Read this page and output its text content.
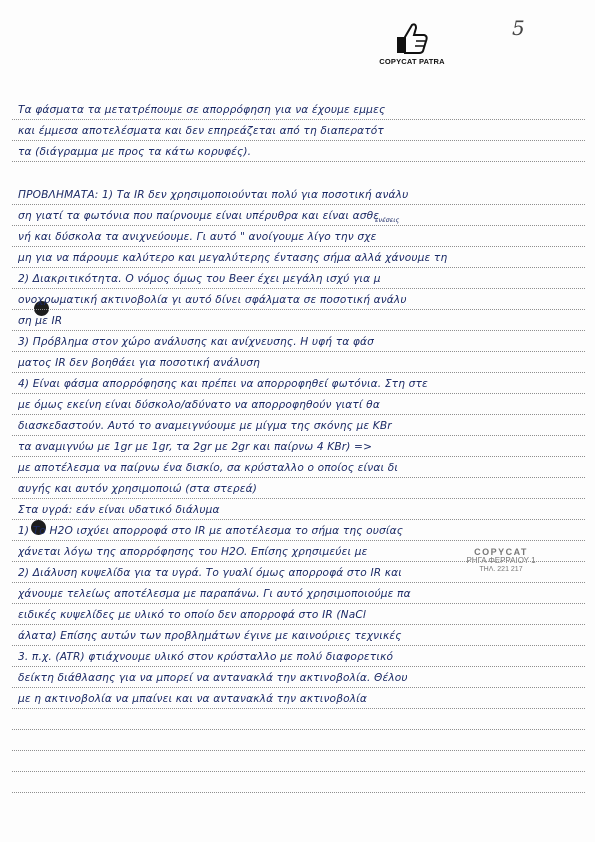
5
COPYCAT PATRA
COPYCAT
ΡΗΓΑ ΦΕΡΡΑΙΟΥ 1
ΤΗΛ. 221 217
ενέσεις
Τα φάσματα τα μετατρέπουμε σε απορρόφηση για να έχουμε εμμες
και έμμεσα αποτελέσματα και δεν επηρεάζεται από τη διαπερατότ
τα (διάγραμμα με προς τα κάτω κορυφές).
ΠΡΟΒΛΗΜΑΤΑ: 1) Τα IR δεν χρησιμοποιούνται πολύ για ποσοτική ανάλυ
ση γιατί τα φωτόνια που παίρνουμε είναι υπέρυθρα και είναι ασθε
νή και δύσκολα τα ανιχνεύουμε. Γι αυτό " ανοίγουμε λίγο την σχε
μη για να πάρουμε καλύτερο και μεγαλύτερης έντασης σήμα αλλά χάνουμε τη
2) Διακριτικότητα. Ο νόμος όμως του Beer έχει μεγάλη ισχύ για μ
ονοχρωματική ακτινοβολία γι αυτό δίνει σφάλματα σε ποσοτική ανάλυ
ση με IR
3) Πρόβλημα στον χώρο ανάλυσης και ανίχνευσης. Η υφή τα φάσ
ματος IR δεν βοηθάει για ποσοτική ανάλυση
4) Είναι φάσμα απορρόφησης και πρέπει να απορροφηθεί φωτόνια. Στη στε
με όμως εκείνη είναι δύσκολο/αδύνατο να απορροφηθούν γιατί θα
διασκεδαστούν. Αυτό το αναμειγνύουμε με μίγμα της σκόνης με KBr
τα αναμιγνύω με 1gr με 1gr, τα 2gr με 2gr και παίρνω 4 KBr) =>
με αποτέλεσμα να παίρνω ένα δισκίο, σα κρύσταλλο ο οποίος είναι δι
αυγής και αυτόν χρησιμοποιώ (στα στερεά)
Στα υγρά: εάν είναι υδατικό διάλυμα
1) Το H2O ισχύει απορροφά στο IR με αποτέλεσμα το σήμα της ουσίας
χάνεται λόγω της απορρόφησης του H2O. Επίσης χρησιμεύει με
2) Διάλυση κυψελίδα για τα υγρά. Το γυαλί όμως απορροφά στο IR και
χάνουμε τελείως αποτέλεσμα με παραπάνω. Γι αυτό χρησιμοποιούμε πα
ειδικές κυψελίδες με υλικό το οποίο δεν απορροφά στο IR (NaCl
άλατα) Επίσης αυτών των προβλημάτων έγινε με καινούριες τεχνικές
3. π.χ. (ATR) φτιάχνουμε υλικό στον κρύσταλλο με πολύ διαφορετικό
δείκτη διάθλασης για να μπορεί να αντανακλά την ακτινοβολία. Θέλου
με η ακτινοβολία να μπαίνει και να αντανακλά την ακτινοβολία
